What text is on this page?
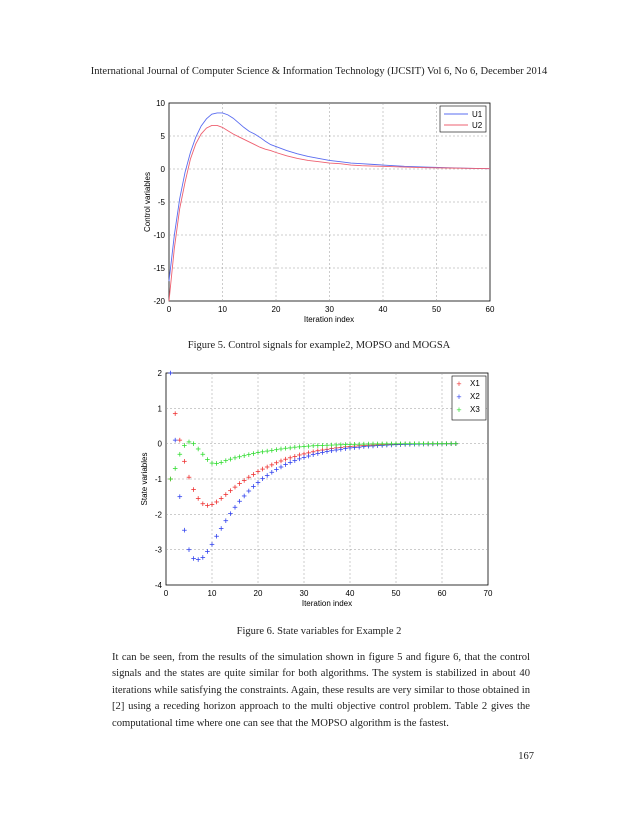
International Journal of Computer Science & Information Technology (IJCSIT) Vol 6, No 6, December 2014
0	10	20	30	40	50	60
10
5
0
-5
-10
-15
-20
Iteration index
Control variables
U1
U2
Figure 5. Control signals for example2, MOPSO and MOGSA
0	10	20	30	40	50	60	70
2
1
0
-1
-2
-3
-4
Iteration index
State variables
+ X1
+ X2
+ X3
Figure 6. State variables for Example 2
It can be seen, from the results of the simulation shown in figure 5 and figure 6, that the control signals and the states are quite similar for both algorithms. The system is stabilized in about 40 iterations while satisfying the constraints. Again, these results are very similar to those obtained in [2] using a receding horizon approach to the multi objective control problem. Table 2 gives the computational time where one can see that the MOPSO algorithm is the fastest.
167
